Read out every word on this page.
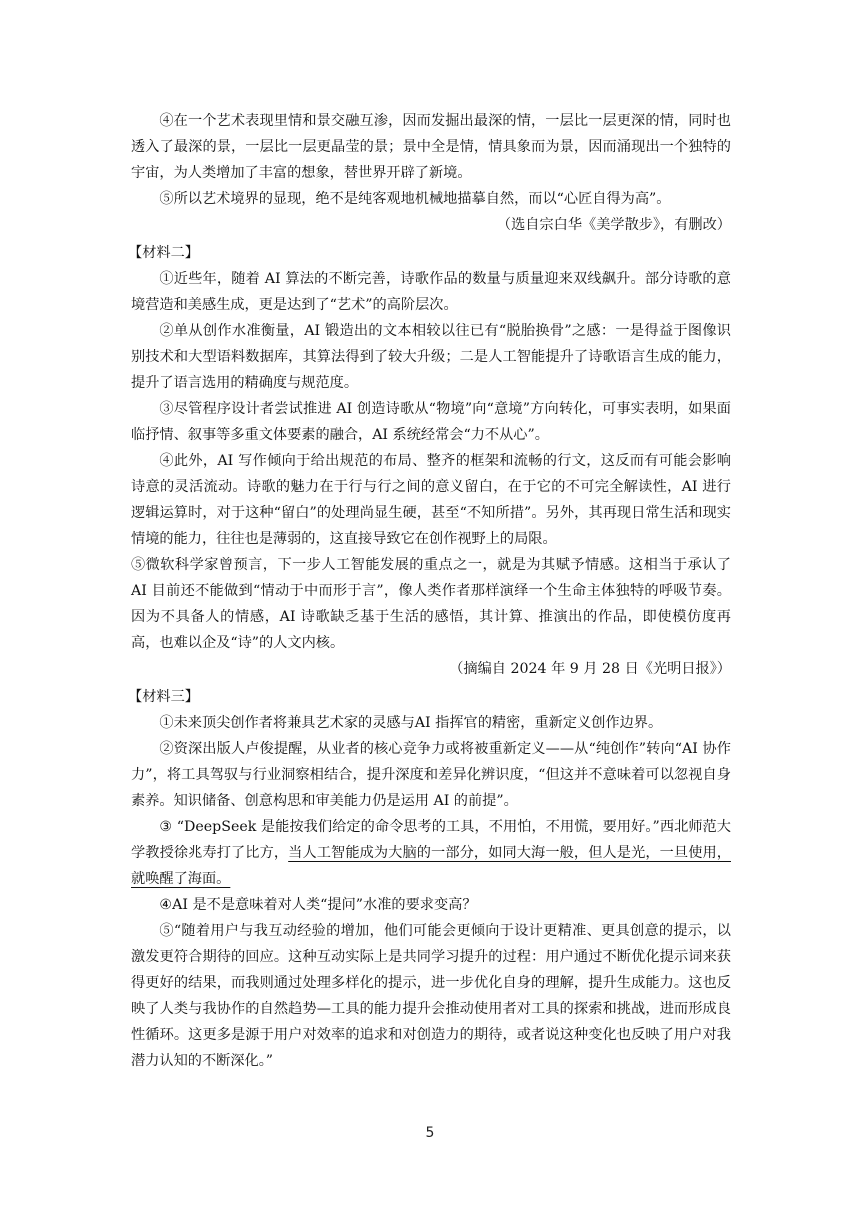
④在一个艺术表现里情和景交融互渗，因而发掘出最深的情，一层比一层更深的情，同时也透入了最深的景，一层比一层更晶莹的景；景中全是情，情具象而为景，因而涌现出一个独特的宇宙，为人类增加了丰富的想象，替世界开辟了新境。

⑤所以艺术境界的显现，绝不是纯客观地机械地描摹自然，而以“心匠自得为高”。

（选自宗白华《美学散步》，有删改）

【材料二】

①近些年，随着 AI 算法的不断完善，诗歌作品的数量与质量迎来双线飙升。部分诗歌的意境营造和美感生成，更是达到了“艺术”的高阶层次。

②单从创作水准衡量，AI 锻造出的文本相较以往已有“脱胎换骨”之感：一是得益于图像识别技术和大型语料数据库，其算法得到了较大升级；二是人工智能提升了诗歌语言生成的能力，提升了语言选用的精确度与规范度。

③尽管程序设计者尝试推进 AI 创造诗歌从“物境”向“意境”方向转化，可事实表明，如果面临抒情、叙事等多重文体要素的融合，AI 系统经常会“力不从心”。

④此外，AI 写作倾向于给出规范的布局、整齐的框架和流畅的行文，这反而有可能会影响诗意的灵活流动。诗歌的魅力在于行与行之间的意义留白，在于它的不可完全解读性，AI 进行逻辑运算时，对于这种“留白”的处理尚显生硬，甚至“不知所措”。另外，其再现日常生活和现实情境的能力，往往也是薄弱的，这直接导致它在创作视野上的局限。

⑤微软科学家曾预言，下一步人工智能发展的重点之一，就是为其赋予情感。这相当于承认了 AI 目前还不能做到“情动于中而形于言”，像人类作者那样演绎一个生命主体独特的呼吸节奏。因为不具备人的情感，AI 诗歌缺乏基于生活的感悟，其计算、推演出的作品，即使模仿度再高，也难以企及“诗”的人文内核。

（摘编自 2024 年 9 月 28 日《光明日报》）

【材料三】

①未来顶尖创作者将兼具艺术家的灵感与AI 指挥官的精密，重新定义创作边界。

②资深出版人卢俊提醒，从业者的核心竞争力或将被重新定义——从“纯创作”转向“AI 协作力”，将工具驾驭与行业洞察相结合，提升深度和差异化辨识度，“但这并不意味着可以忽视自身素养。知识储备、创意构思和审美能力仍是运用 AI 的前提”。

③ “DeepSeek 是能按我们给定的命令思考的工具，不用怕，不用慌，要用好。”西北师范大学教授徐兆寿打了比方，当人工智能成为大脑的一部分，如同大海一般，但人是光，一旦使用，就唤醒了海面。

④AI 是不是意味着对人类“提问”水准的要求变高？

⑤“随着用户与我互动经验的增加，他们可能会更倾向于设计更精准、更具创意的提示，以激发更符合期待的回应。这种互动实际上是共同学习提升的过程：用户通过不断优化提示词来获得更好的结果，而我则通过处理多样化的提示，进一步优化自身的理解，提升生成能力。这也反映了人类与我协作的自然趋势—工具的能力提升会推动使用者对工具的探索和挑战，进而形成良性循环。这更多是源于用户对效率的追求和对创造力的期待，或者说这种变化也反映了用户对我潜力认知的不断深化。”

5
